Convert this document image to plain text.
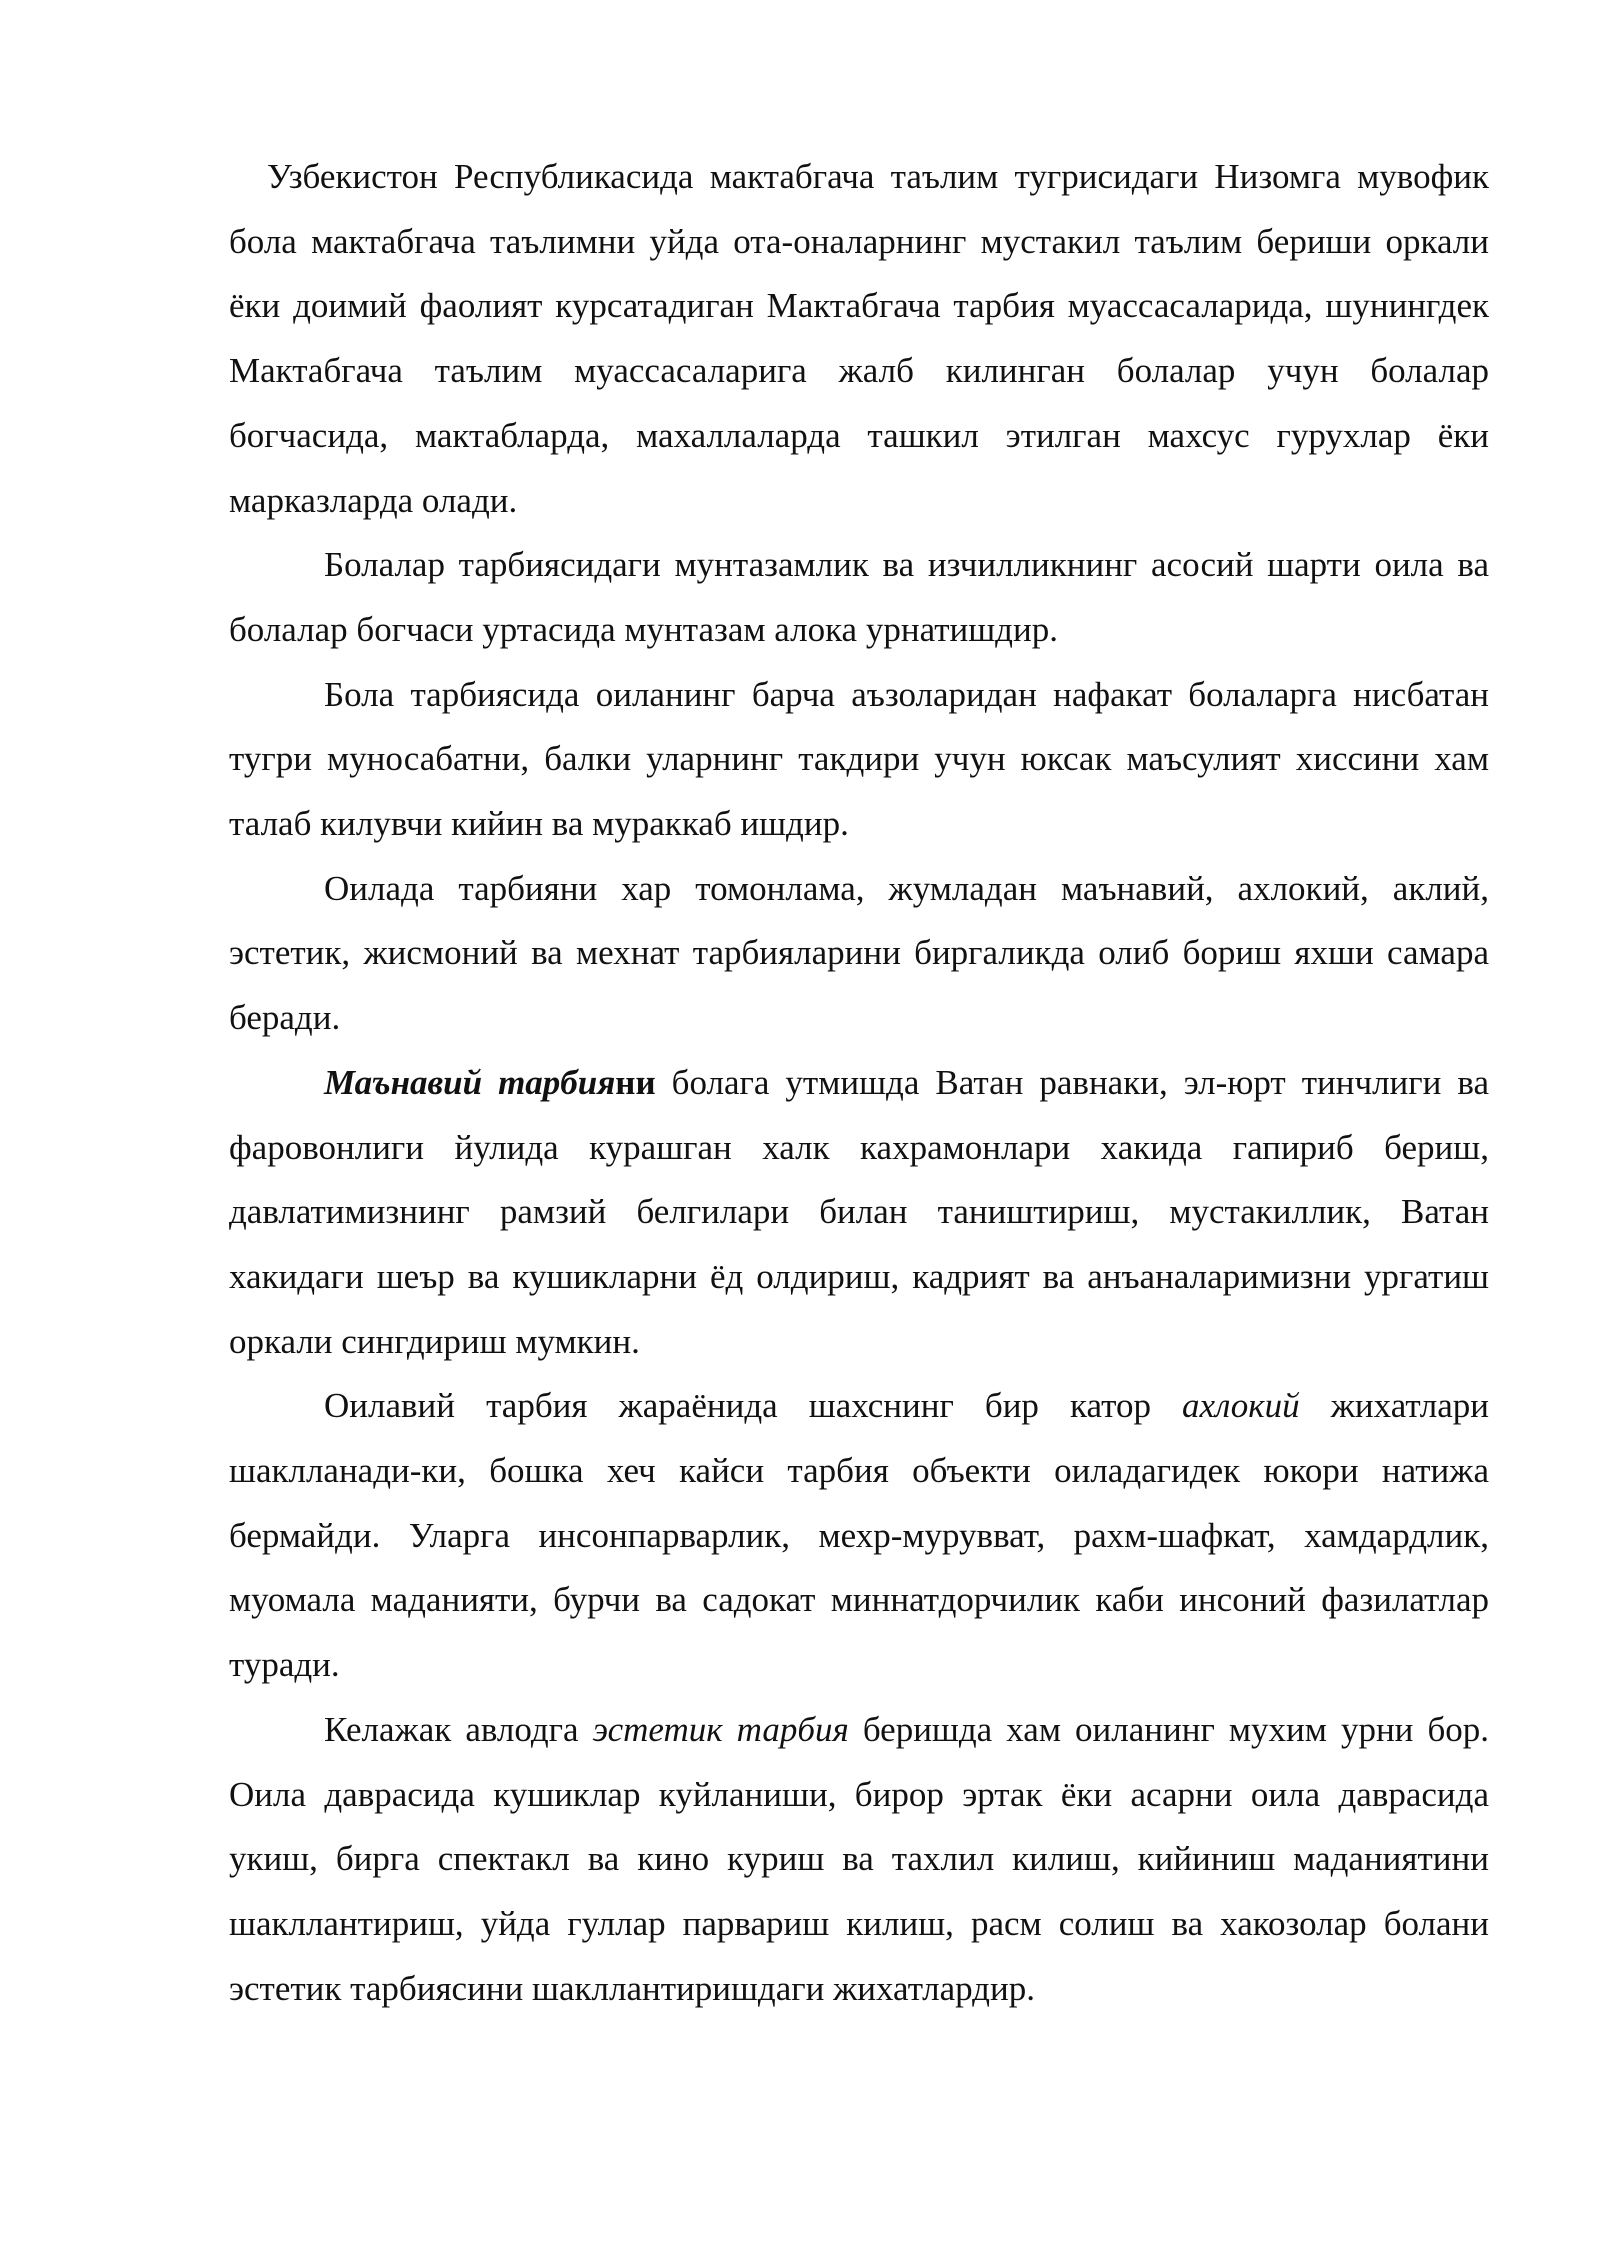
Узбекистон Республикасида мактабгача таълим тугрисидаги Низомга мувофик бола мактабгача таълимни уйда ота-оналарнинг мустакил таълим бериши оркали ёки доимий фаолият курсатадиган Мактабгача тарбия муассасаларида, шунингдек Мактабгача таълим муассасаларига жалб килинган болалар учун болалар богчасида, мактабларда, махаллаларда ташкил этилган махсус гурухлар ёки марказларда олади.

Болалар тарбиясидаги мунтазамлик ва изчилликнинг асосий шарти оила ва болалар богчаси уртасида мунтазам алока урнатишдир.

Бола тарбиясида оиланинг барча аъзоларидан нафакат болаларга нисбатан тугри муносабатни, балки уларнинг такдири учун юксак маъсулият хиссини хам талаб килувчи кийин ва мураккаб ишдир.

Оилада тарбияни хар томонлама, жумладан маънавий, ахлокий, аклий, эстетик, жисмоний ва мехнат тарбияларини биргаликда олиб бориш яхши самара беради.

Маънавий тарбияни болага утмишда Ватан равнаки, эл-юрт тинчлиги ва фаровонлиги йулида курашган халк кахрамонлари хакида гапириб бериш, давлатимизнинг рамзий белгилари билан таништириш, мустакиллик, Ватан хакидаги шеър ва кушикларни ёд олдириш, кадрият ва анъаналаримизни ургатиш оркали сингдириш мумкин.

Оилавий тарбия жараёнида шахснинг бир катор ахлокий жихатлари шаклланади-ки, бошка хеч кайси тарбия объекти оиладагидек юкори натижа бермайди. Уларга инсонпарварлик, мехр-мурувват, рахм-шафкат, хамдардлик, муомала маданияти, бурчи ва садокат миннатдорчилик каби инсоний фазилатлар туради.

Келажак авлодга эстетик тарбия беришда хам оиланинг мухим урни бор. Оила даврасида кушиклар куйланиши, бирор эртак ёки асарни оила даврасида укиш, бирга спектакл ва кино куриш ва тахлил килиш, кийиниш маданиятини шакллантириш, уйда гуллар парвариш килиш, расм солиш ва хакозолар болани эстетик тарбиясини шакллантиришдаги жихатлардир.
